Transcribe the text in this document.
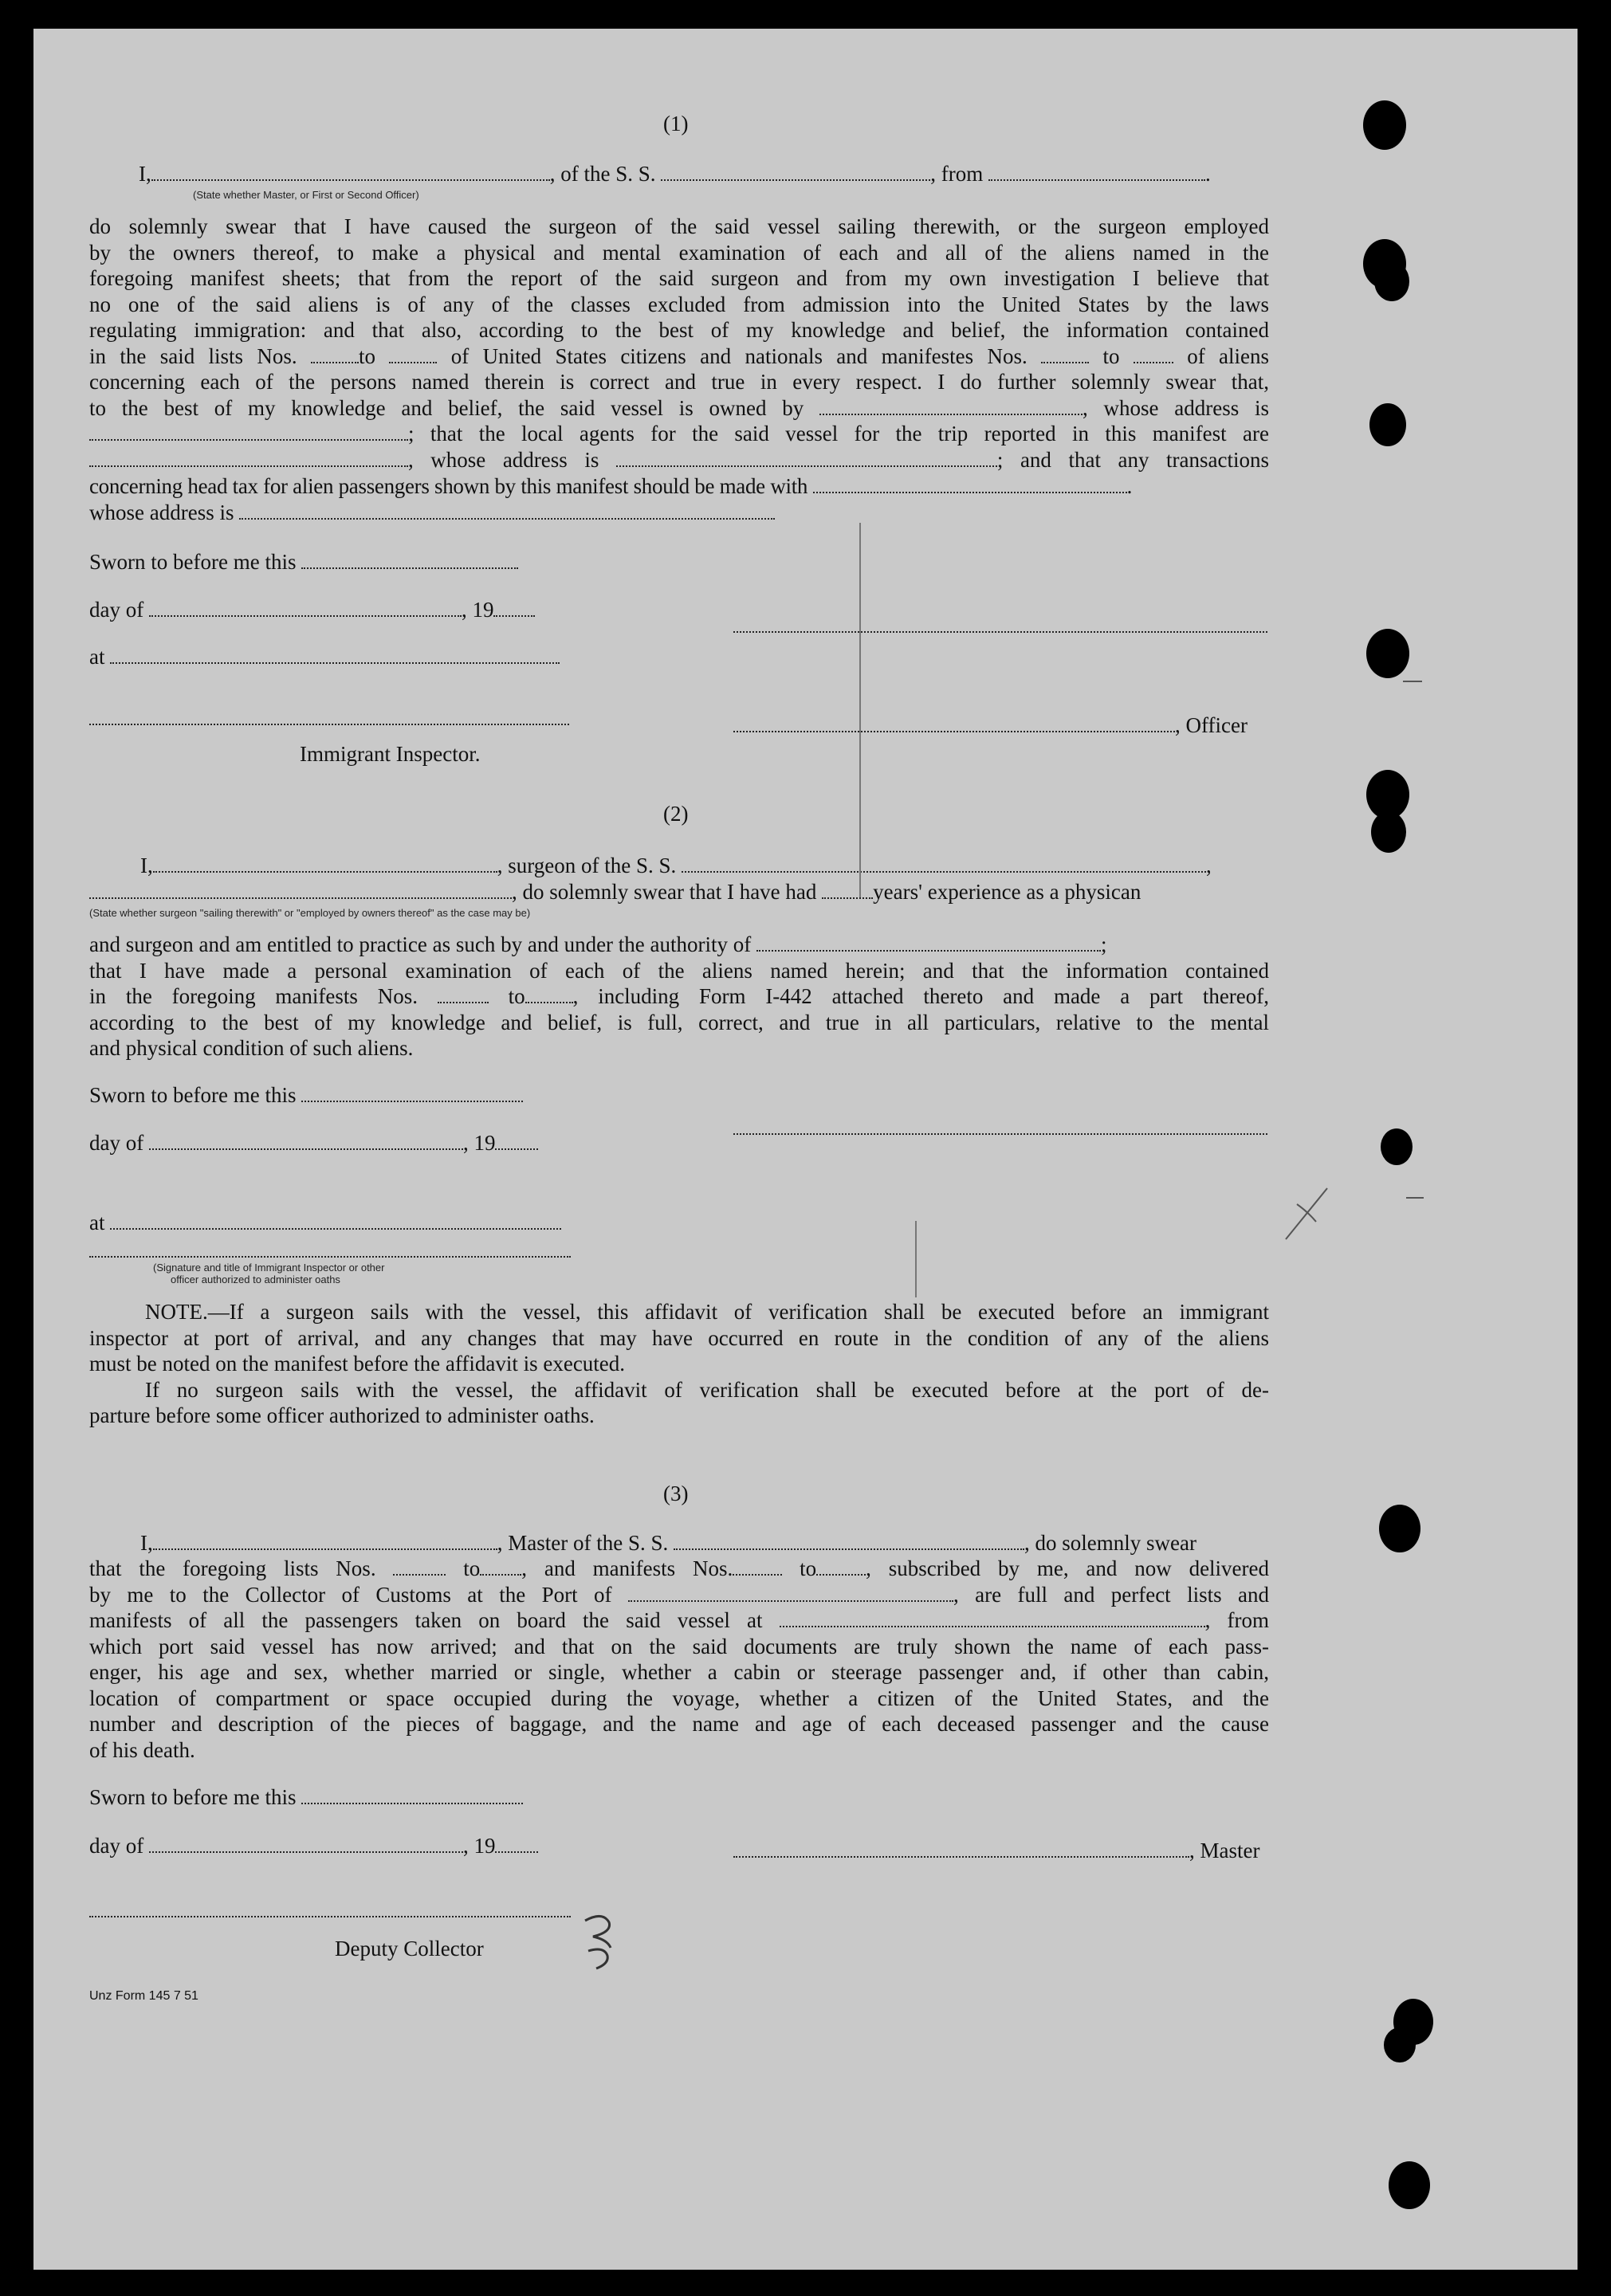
(1)
I,	, of the S. S.	, from	.
(State whether Master, or First or Second Officer)
do solemnly swear that I have caused the surgeon of the said vessel sailing therewith, or the surgeon employed
by the owners thereof, to make a physical and mental examination of each and all of the aliens named in the
foregoing manifest sheets; that from the report of the said surgeon and from my own investigation I believe that
no one of the said aliens is of any of the classes excluded from admission into the United States by the laws
regulating immigration: and that also, according to the best of my knowledge and belief, the information contained
in the said lists Nos.	to	of United States citizens and nationals and manifestes Nos.	to	of aliens
concerning each of the persons named therein is correct and true in every respect. I do further solemnly swear that,
to the best of my knowledge and belief, the said vessel is owned by	, whose address is
; that the local agents for the said vessel for the trip reported in this manifest are
, whose address is	; and that any transactions
concerning head tax for alien passengers shown by this manifest should be made with	.
whose address is
Sworn to before me this
day of	, 19
at
Immigrant Inspector.
, Officer
(2)
I,	, surgeon of the S. S.	,
, do solemnly swear that I have had	years' experience as a physican
(State whether surgeon "sailing therewith" or "employed by owners thereof" as the case may be)
and surgeon and am entitled to practice as such by and under the authority of	;
that I have made a personal examination of each of the aliens named herein; and that the information contained
in the foregoing manifests Nos.	to , including Form I-442 attached thereto and made a part thereof,
according to the best of my knowledge and belief, is full, correct, and true in all particulars, relative to the mental
and physical condition of such aliens.
Sworn to before me this
day of	, 19
at
(Signature and title of Immigrant Inspector or other
officer authorized to administer oaths
NOTE.—If a surgeon sails with the vessel, this affidavit of verification shall be executed before an immigrant
inspector at port of arrival, and any changes that may have occurred en route in the condition of any of the aliens
must be noted on the manifest before the affidavit is executed.
If no surgeon sails with the vessel, the affidavit of verification shall be executed before at the port of de-
parture before some officer authorized to administer oaths.
(3)
I,	, Master of the S. S.	, do solemnly swear
that the foregoing lists Nos.	to , and manifests Nos.	to , subscribed by me, and now delivered
by me to the Collector of Customs at the Port of	, are full and perfect lists and
manifests of all the passengers taken on board the said vessel at	, from
which port said vessel has now arrived; and that on the said documents are truly shown the name of each pass-
enger, his age and sex, whether married or single, whether a cabin or steerage passenger and, if other than cabin,
location of compartment or space occupied during the voyage, whether a citizen of the United States, and the
number and description of the pieces of baggage, and the name and age of each deceased passenger and the cause
of his death.
Sworn to before me this
day of	, 19	, Master
Deputy Collector
Unz Form 145 7 51
